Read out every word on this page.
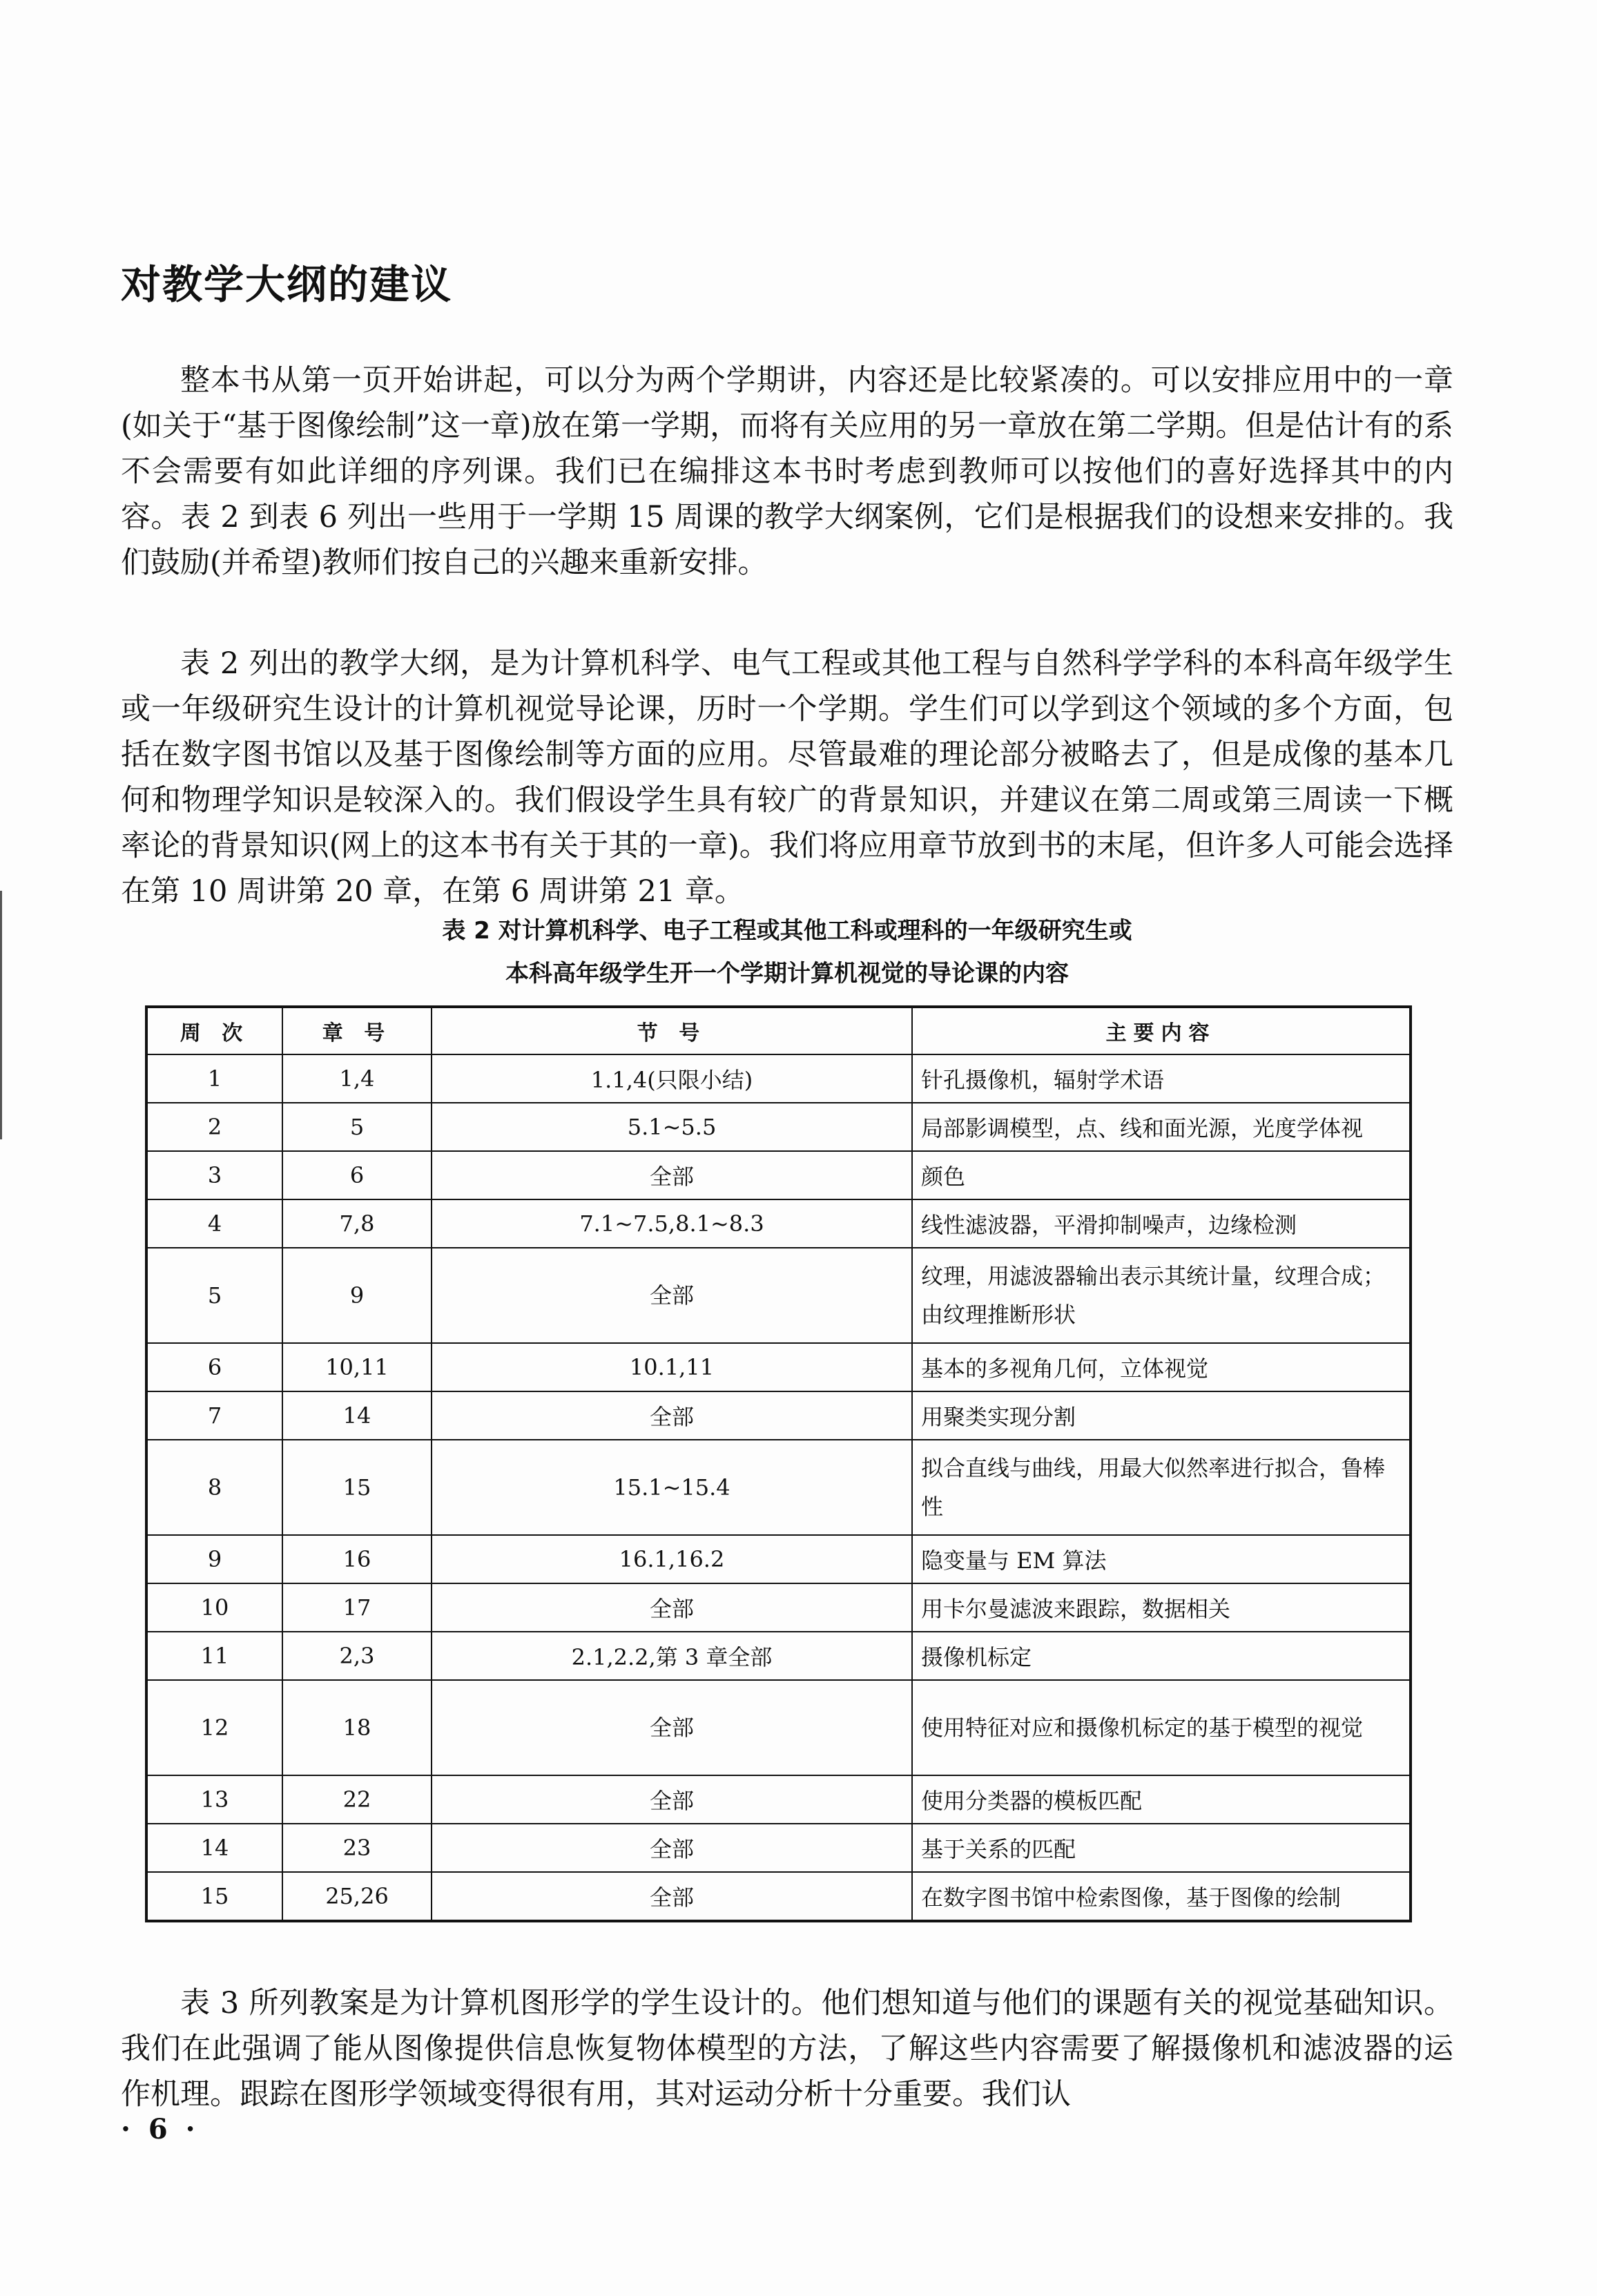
对教学大纲的建议

整本书从第一页开始讲起，可以分为两个学期讲，内容还是比较紧凑的。可以安排应用中的一章(如关于“基于图像绘制”这一章)放在第一学期，而将有关应用的另一章放在第二学期。但是估计有的系不会需要有如此详细的序列课。我们已在编排这本书时考虑到教师可以按他们的喜好选择其中的内容。表 2 到表 6 列出一些用于一学期 15 周课的教学大纲案例，它们是根据我们的设想来安排的。我们鼓励(并希望)教师们按自己的兴趣来重新安排。

表 2 列出的教学大纲，是为计算机科学、电气工程或其他工程与自然科学学科的本科高年级学生或一年级研究生设计的计算机视觉导论课，历时一个学期。学生们可以学到这个领域的多个方面，包括在数字图书馆以及基于图像绘制等方面的应用。尽管最难的理论部分被略去了，但是成像的基本几何和物理学知识是较深入的。我们假设学生具有较广的背景知识，并建议在第二周或第三周读一下概率论的背景知识(网上的这本书有关于其的一章)。我们将应用章节放到书的末尾，但许多人可能会选择在第 10 周讲第 20 章，在第 6 周讲第 21 章。

表 2 对计算机科学、电子工程或其他工科或理科的一年级研究生或

本科高年级学生开一个学期计算机视觉的导论课的内容

周 次	章 号	节 号	主要内容
1	1,4	1.1,4(只限小结)	针孔摄像机，辐射学术语
2	5	5.1~5.5	局部影调模型，点、线和面光源，光度学体视
3	6	全部	颜色
4	7,8	7.1~7.5,8.1~8.3	线性滤波器，平滑抑制噪声，边缘检测
5	9	全部	纹理，用滤波器输出表示其统计量，纹理合成；由纹理推断形状
6	10,11	10.1,11	基本的多视角几何，立体视觉
7	14	全部	用聚类实现分割
8	15	15.1~15.4	拟合直线与曲线，用最大似然率进行拟合，鲁棒性
9	16	16.1,16.2	隐变量与 EM 算法
10	17	全部	用卡尔曼滤波来跟踪，数据相关
11	2,3	2.1,2.2,第 3 章全部	摄像机标定
12	18	全部	使用特征对应和摄像机标定的基于模型的视觉
13	22	全部	使用分类器的模板匹配
14	23	全部	基于关系的匹配
15	25,26	全部	在数字图书馆中检索图像，基于图像的绘制

表 3 所列教案是为计算机图形学的学生设计的。他们想知道与他们的课题有关的视觉基础知识。我们在此强调了能从图像提供信息恢复物体模型的方法，了解这些内容需要了解摄像机和滤波器的运作机理。跟踪在图形学领域变得很有用，其对运动分析十分重要。我们认

· 6 ·
